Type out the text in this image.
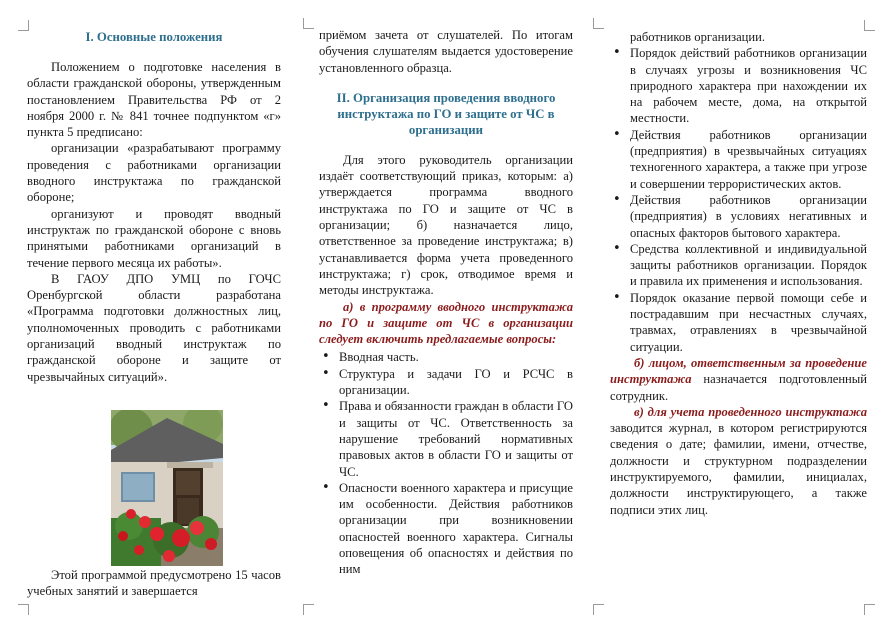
I. Основные положения

Положением о подготовке населения в области гражданской обороны, утвержденным постановлением Правительства РФ от 2 ноября 2000 г. № 841 точнее подпунктом «г» пункта 5 предписано:

организации «разрабатывают программу проведения с работниками организации вводного инструктажа по гражданской обороне;

организуют и проводят вводный инструктаж по гражданской обороне с вновь принятыми работниками организаций в течение первого месяца их работы».

В ГАОУ ДПО УМЦ по ГОЧС Оренбургской области разработана «Программа подготовки должностных лиц, уполномоченных проводить с работниками организаций вводный инструктаж по гражданской обороне и защите от чрезвычайных ситуаций».

Этой программой предусмотрено 15 часов учебных занятий и завершается

приёмом зачета от слушателей. По итогам обучения слушателям выдается удостоверение установленного образца.

II. Организация проведения вводного инструктажа по ГО и защите от ЧС в организации

Для этого руководитель организации издаёт соответствующий приказ, которым: а) утверждается программа вводного инструктажа по ГО и защите от ЧС в организации; б) назначается лицо, ответственное за проведение инструктажа; в) устанавливается форма учета проведенного инструктажа; г) срок, отводимое время и методы инструктажа.

а) в программу вводного инструктажа по ГО и защите от ЧС в организации следует включить предлагаемые вопросы:

• Вводная часть.
• Структура и задачи ГО и РСЧС в организации.
• Права и обязанности граждан в области ГО и защиты от ЧС. Ответственность за нарушение требований нормативных правовых актов в области ГО и защиты от ЧС.
• Опасности военного характера и присущие им особенности. Действия работников организации при возникновении опасностей военного характера. Сигналы оповещения об опасностях и действия по ним

работников организации.

• Порядок действий работников организации в случаях угрозы и возникновения ЧС природного характера при нахождении их на рабочем месте, дома, на открытой местности.
• Действия работников организации (предприятия) в чрезвычайных ситуациях техногенного характера, а также при угрозе и совершении террористических актов.
• Действия работников организации (предприятия) в условиях негативных и опасных факторов бытового характера.
• Средства коллективной и индивидуальной защиты работников организации. Порядок и правила их применения и использования.
• Порядок оказание первой помощи себе и пострадавшим при несчастных случаях, травмах, отравлениях в чрезвычайной ситуации.

б) лицом, ответственным за проведение инструктажа назначается подготовленный сотрудник.

в) для учета проведенного инструктажа заводится журнал, в котором регистрируются сведения о дате; фамилии, имени, отчестве, должности и структурном подразделении инструктируемого, фамилии, инициалах, должности инструктирующего, а также подписи этих лиц.
